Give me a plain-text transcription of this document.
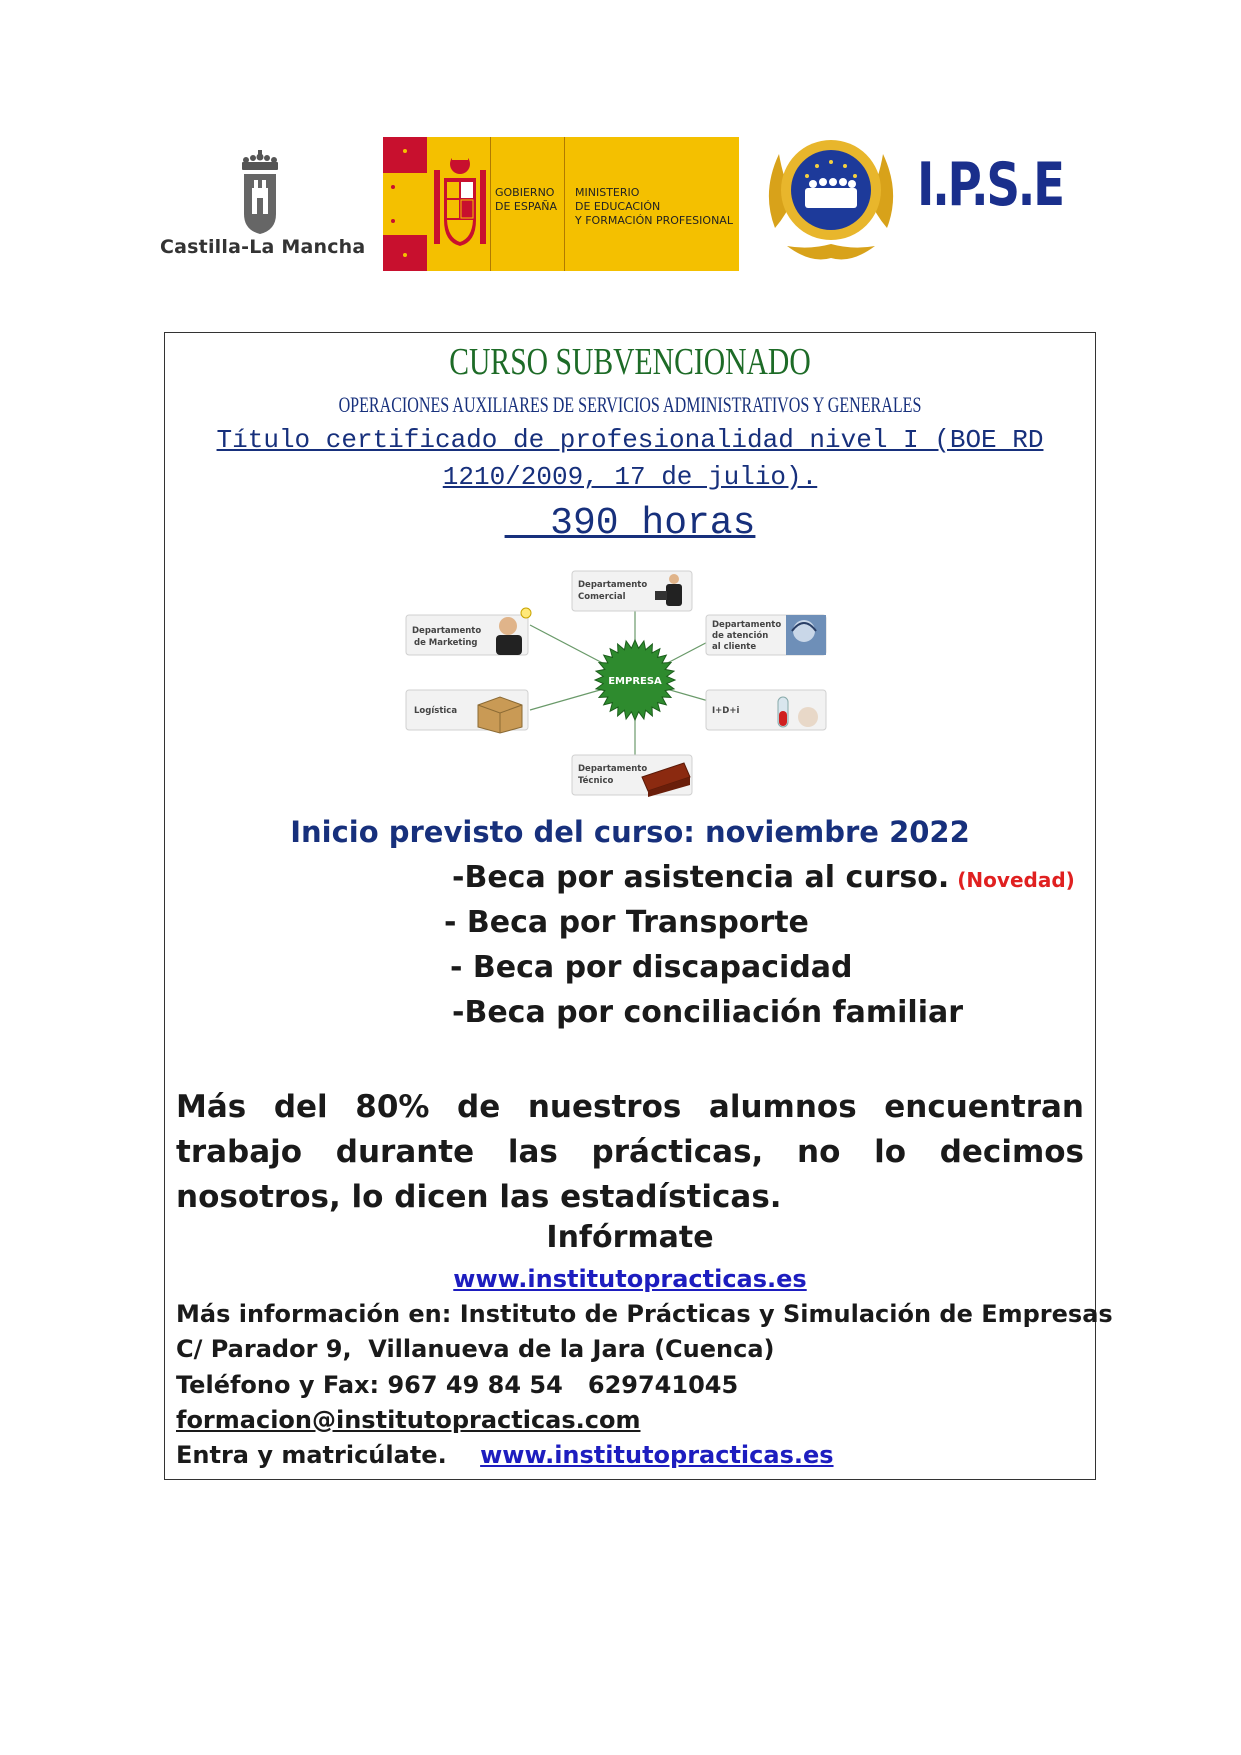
Castilla-La Mancha
GOBIERNO
DE ESPAÑA
MINISTERIO
DE EDUCACIÓN
Y FORMACIÓN PROFESIONAL
I.P.S.E
CURSO SUBVENCIONADO
OPERACIONES AUXILIARES DE SERVICIOS ADMINISTRATIVOS Y GENERALES
Título certificado de profesionalidad nivel I (BOE RD
1210/2009, 17 de julio).
390 horas
EMPRESA
Departamento
Comercial
Departamento
de Marketing
Departamento
de atención
al cliente
Logística	I+D+i
Departamento
Técnico
Inicio previsto del curso: noviembre 2022
-Beca por asistencia al curso. (Novedad)
- Beca por Transporte
- Beca por discapacidad
-Beca por conciliación familiar
Más del 80% de nuestros alumnos encuentran trabajo durante las prácticas, no lo decimos nosotros, lo dicen las estadísticas.
Infórmate
www.institutopracticas.es
Más información en: Instituto de Prácticas y Simulación de Empresas
C/ Parador 9,  Villanueva de la Jara (Cuenca)
Teléfono y Fax: 967 49 84 54   629741045
formacion@institutopracticas.com
Entra y matricúlate.    www.institutopracticas.es
